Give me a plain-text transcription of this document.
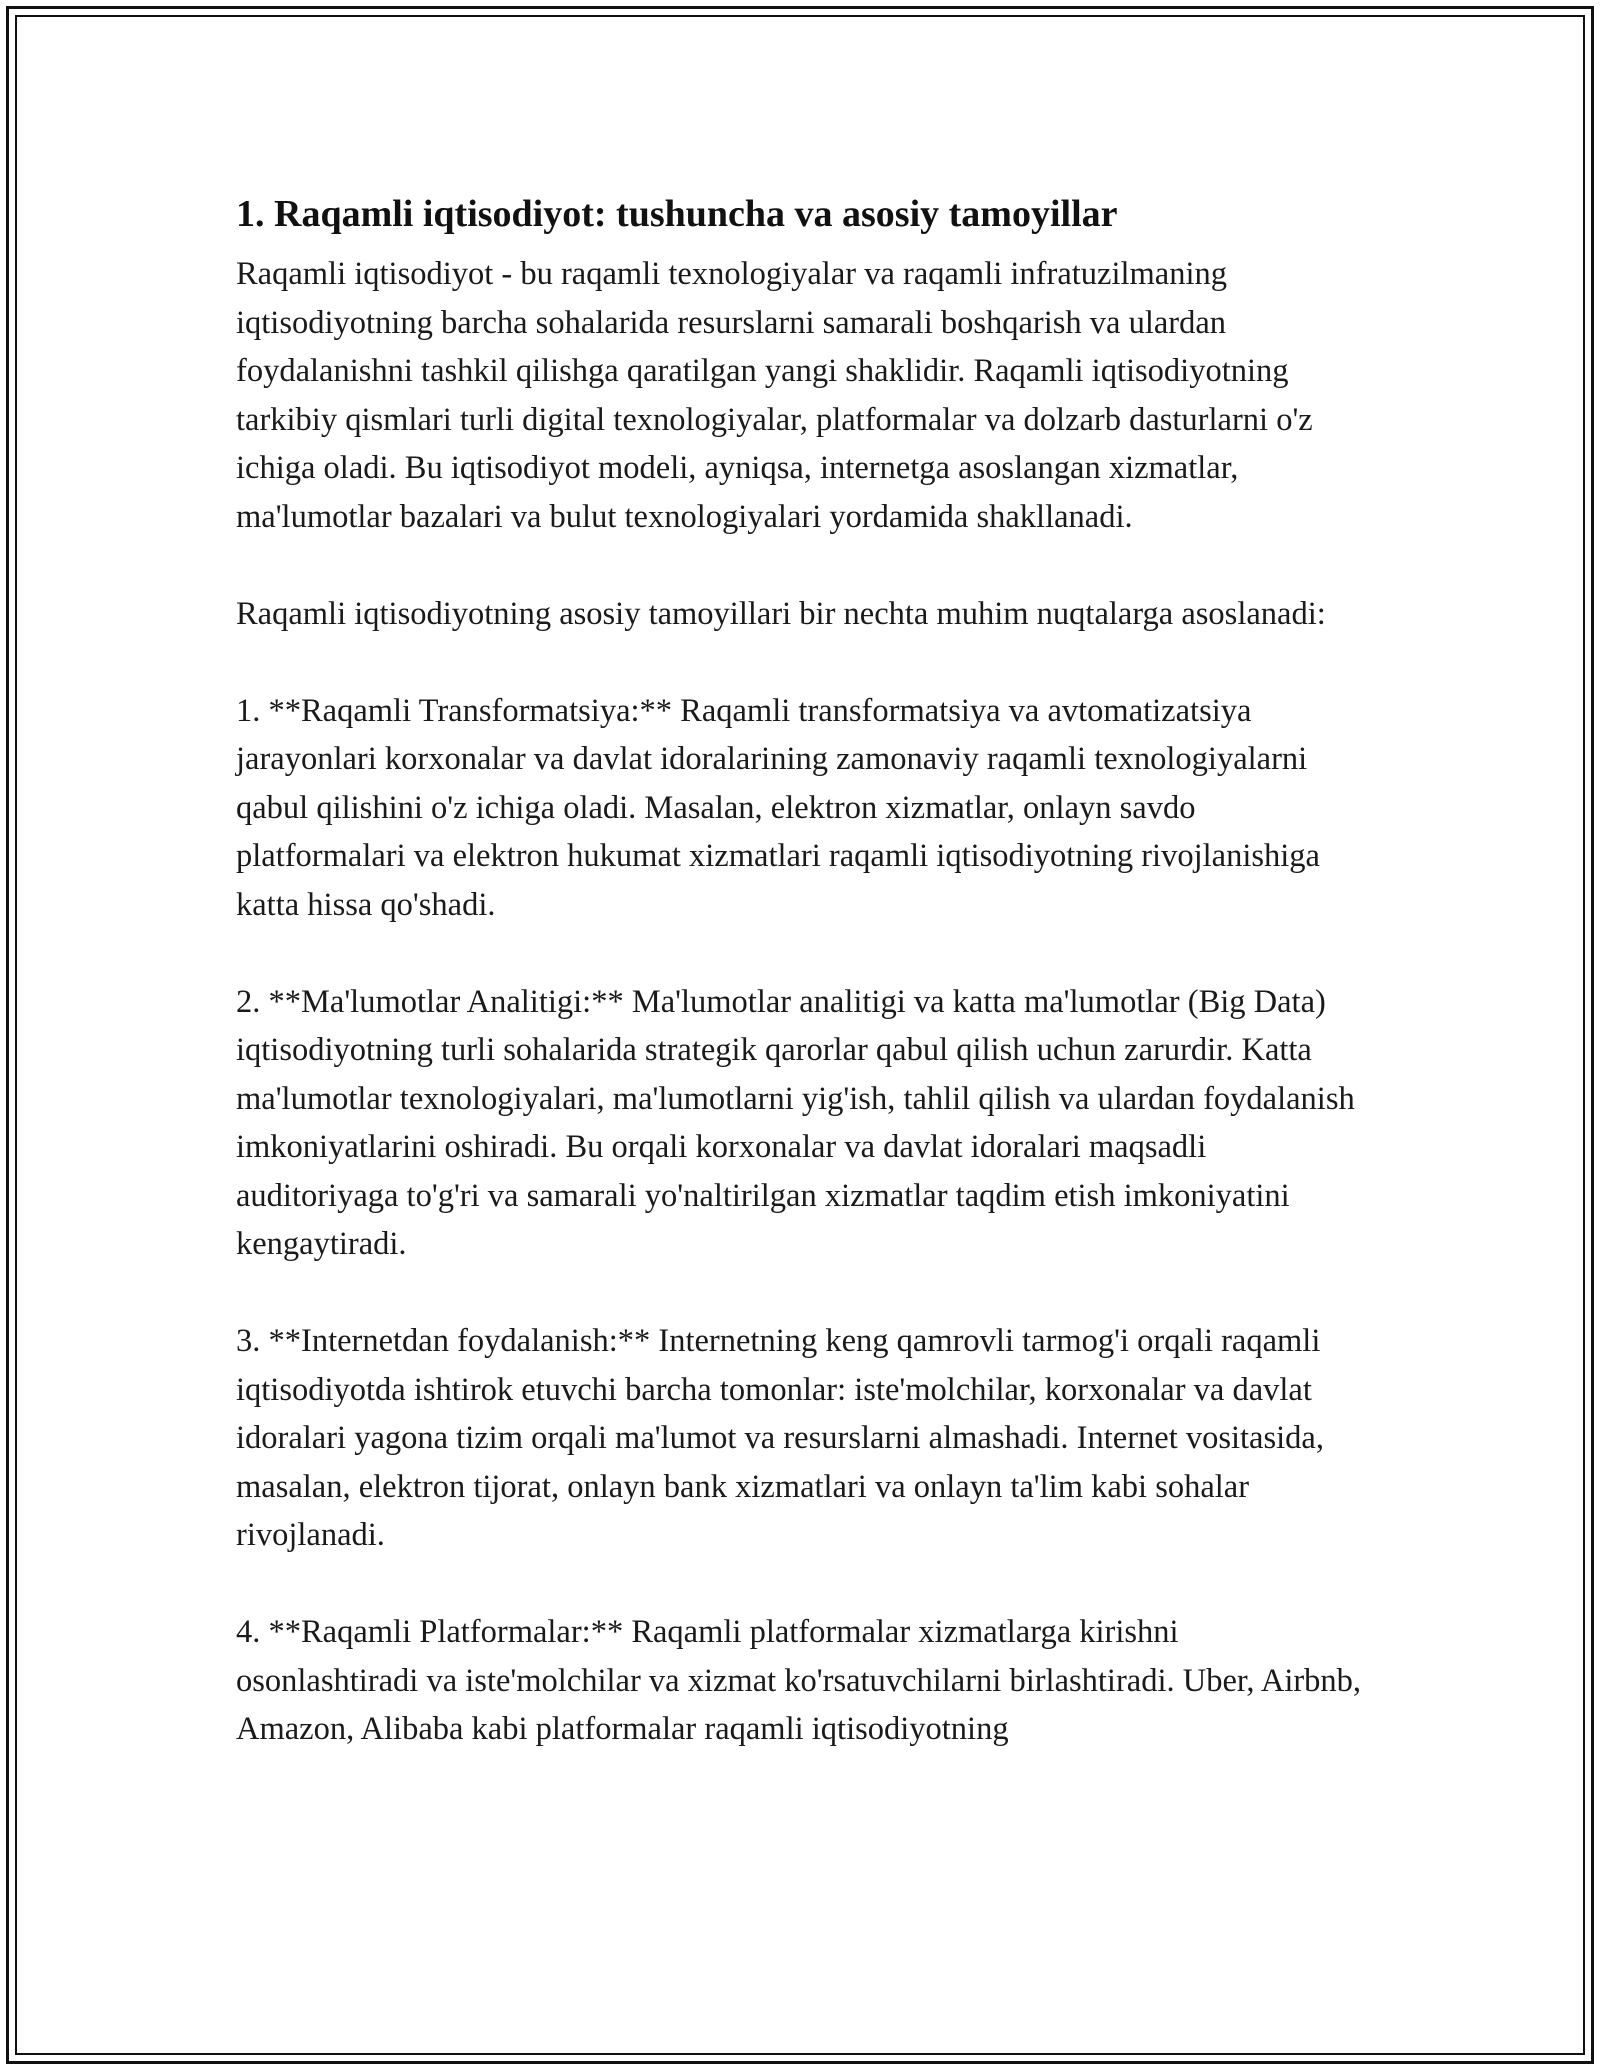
1. Raqamli iqtisodiyot: tushuncha va asosiy tamoyillar

Raqamli iqtisodiyot - bu raqamli texnologiyalar va raqamli infratuzilmaning iqtisodiyotning barcha sohalarida resurslarni samarali boshqarish va ulardan foydalanishni tashkil qilishga qaratilgan yangi shaklidir. Raqamli iqtisodiyotning tarkibiy qismlari turli digital texnologiyalar, platformalar va dolzarb dasturlarni o'z ichiga oladi. Bu iqtisodiyot modeli, ayniqsa, internetga asoslangan xizmatlar, ma'lumotlar bazalari va bulut texnologiyalari yordamida shakllanadi.

Raqamli iqtisodiyotning asosiy tamoyillari bir nechta muhim nuqtalarga asoslanadi:

1. **Raqamli Transformatsiya:** Raqamli transformatsiya va avtomatizatsiya jarayonlari korxonalar va davlat idoralarining zamonaviy raqamli texnologiyalarni qabul qilishini o'z ichiga oladi. Masalan, elektron xizmatlar, onlayn savdo platformalari va elektron hukumat xizmatlari raqamli iqtisodiyotning rivojlanishiga katta hissa qo'shadi.

2. **Ma'lumotlar Analitigi:** Ma'lumotlar analitigi va katta ma'lumotlar (Big Data) iqtisodiyotning turli sohalarida strategik qarorlar qabul qilish uchun zarurdir. Katta ma'lumotlar texnologiyalari, ma'lumotlarni yig'ish, tahlil qilish va ulardan foydalanish imkoniyatlarini oshiradi. Bu orqali korxonalar va davlat idoralari maqsadli auditoriyaga to'g'ri va samarali yo'naltirilgan xizmatlar taqdim etish imkoniyatini kengaytiradi.

3. **Internetdan foydalanish:** Internetning keng qamrovli tarmog'i orqali raqamli iqtisodiyotda ishtirok etuvchi barcha tomonlar: iste'molchilar, korxonalar va davlat idoralari yagona tizim orqali ma'lumot va resurslarni almashadi. Internet vositasida, masalan, elektron tijorat, onlayn bank xizmatlari va onlayn ta'lim kabi sohalar rivojlanadi.

4. **Raqamli Platformalar:** Raqamli platformalar xizmatlarga kirishni osonlashtiradi va iste'molchilar va xizmat ko'rsatuvchilarni birlashtiradi. Uber, Airbnb, Amazon, Alibaba kabi platformalar raqamli iqtisodiyotning
